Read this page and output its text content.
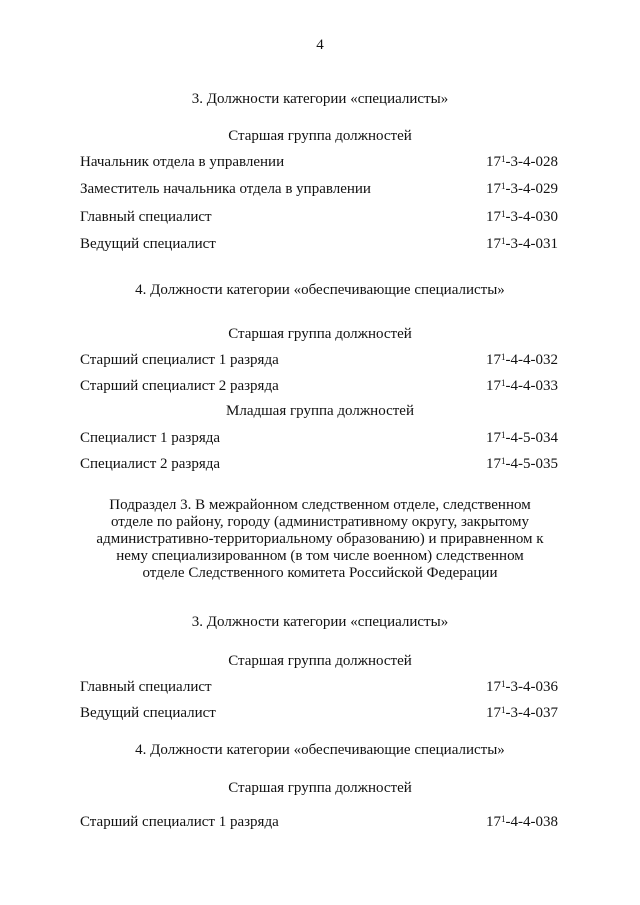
4
3. Должности категории «специалисты»
Старшая группа должностей
Начальник отдела в управлении	$17^1-3-4-028$
Заместитель начальника отдела в управлении	$17^1-3-4-029$
Главный специалист	$17^1-3-4-030$
Ведущий специалист	$17^1-3-4-031$
4. Должности категории «обеспечивающие специалисты»
Старшая группа должностей
Старший специалист 1 разряда	$17^1-4-4-032$
Старший специалист 2 разряда	$17^1-4-4-033$
Младшая группа должностей
Специалист 1 разряда	$17^1-4-5-034$
Специалист 2 разряда	$17^1-4-5-035$
Подраздел 3. В межрайонном следственном отделе, следственном
отделе по району, городу (административному округу, закрытому
административно-территориальному образованию) и приравненном к
нему специализированном (в том числе военном) следственном
отделе Следственного комитета Российской Федерации
3. Должности категории «специалисты»
Старшая группа должностей
Главный специалист	$17^1-3-4-036$
Ведущий специалист	$17^1-3-4-037$
4. Должности категории «обеспечивающие специалисты»
Старшая группа должностей
Старший специалист 1 разряда	$17^1-4-4-038$
